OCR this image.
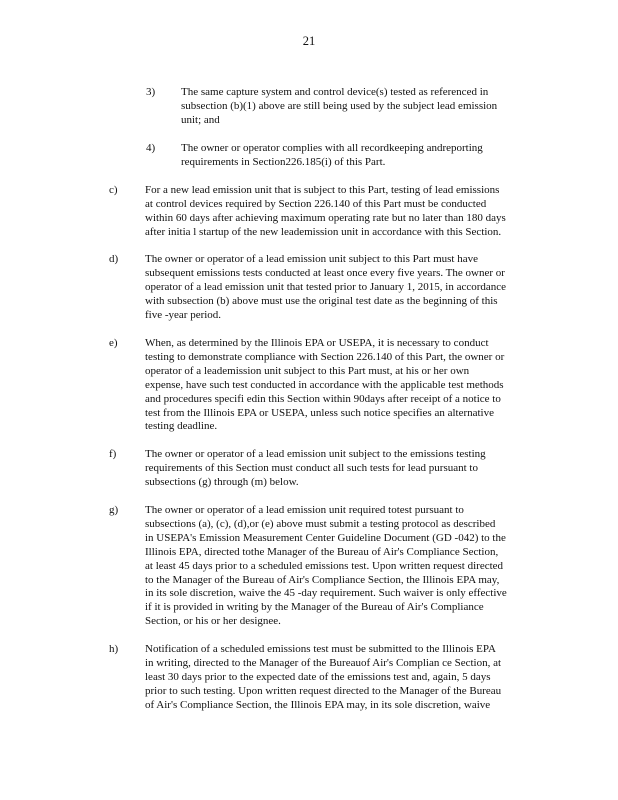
21
3) The same capture system and control device(s) tested as referenced in
subsection (b)(1) above are still being used by the subject lead emission
unit; and
4) The owner or operator complies with all recordkeeping andreporting
requirements in Section226.185(i) of this Part.
c) For a new lead emission unit that is subject to this Part, testing of lead emissions
at control devices required by Section 226.140 of this Part must be conducted
within 60 days after achieving maximum operating rate but no later than 180 days
after initia l startup of the new leademission unit in accordance with this Section.
d) The owner or operator of a lead emission unit subject to this Part must have
subsequent emissions tests conducted at least once every five years. The owner or
operator of a lead emission unit that tested prior to January 1, 2015, in accordance
with subsection (b) above must use the original test date as the beginning of this
five -year period.
e) When, as determined by the Illinois EPA or USEPA, it is necessary to conduct
testing to demonstrate compliance with Section 226.140 of this Part, the owner or
operator of a leademission unit subject to this Part must, at his or her own
expense, have such test conducted in accordance with the applicable test methods
and procedures specifi edin this Section within 90days after receipt of a notice to
test from the Illinois EPA or USEPA, unless such notice specifies an alternative
testing deadline.
f)	The owner or operator of a lead emission unit subject to the emissions testing
requirements of this Section must conduct all such tests for lead pursuant to
subsections (g) through (m) below.
g) The owner or operator of a lead emission unit required totest pursuant to
subsections (a), (c), (d),or (e) above must submit a testing protocol as described
in USEPA's Emission Measurement Center Guideline Document (GD -042) to the
Illinois EPA, directed tothe Manager of the Bureau of Air's Compliance Section,
at least 45 days prior to a scheduled emissions test. Upon written request directed
to the Manager of the Bureau of Air's Compliance Section, the Illinois EPA may,
in its sole discretion, waive the 45 -day requirement. Such waiver is only effective
if it is provided in writing by the Manager of the Bureau of Air's Compliance
Section, or his or her designee.
h) Notification of a scheduled emissions test must be submitted to the Illinois EPA
in writing, directed to the Manager of the Bureauof Air's Complian ce Section, at
least 30 days prior to the expected date of the emissions test and, again, 5 days
prior to such testing. Upon written request directed to the Manager of the Bureau
of Air's Compliance Section, the Illinois EPA may, in its sole discretion, waive
